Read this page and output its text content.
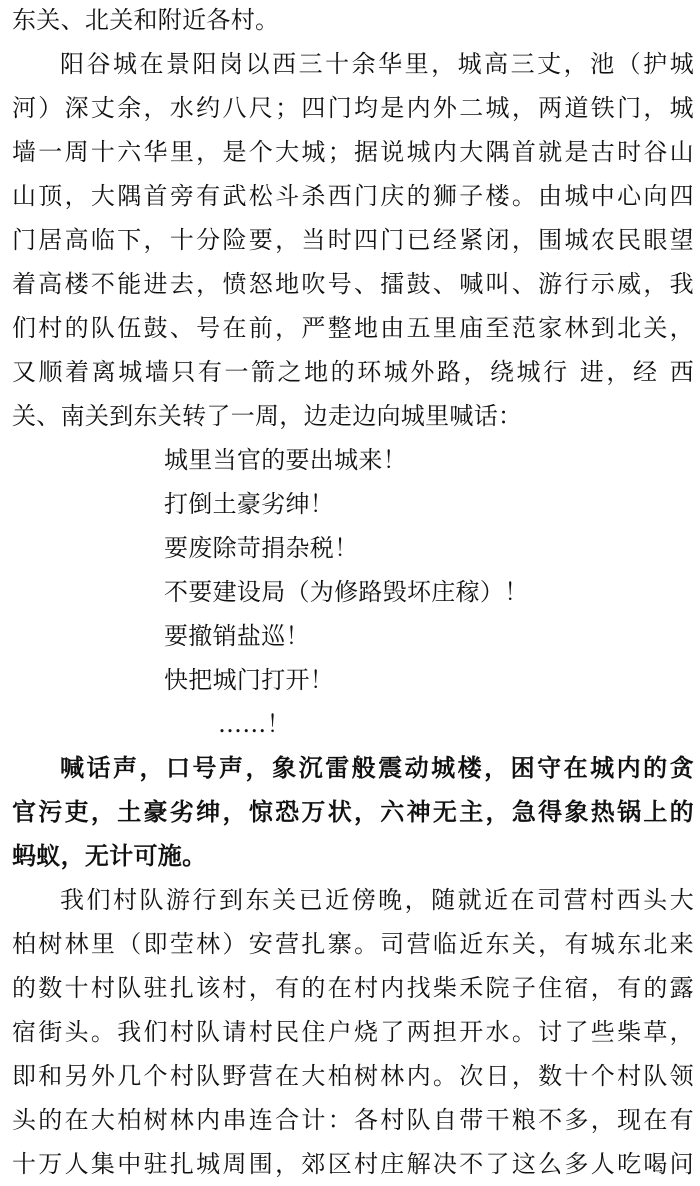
东关、北关和附近各村。
阳谷城在景阳岗以西三十余华里，城高三丈，池（护城
河）深丈余，水约八尺；四门均是内外二城，两道铁门，城
墙一周十六华里，是个大城；据说城内大隅首就是古时谷山
山顶，大隅首旁有武松斗杀西门庆的狮子楼。由城中心向四
门居高临下，十分险要，当时四门已经紧闭，围城农民眼望
着高楼不能进去，愤怒地吹号、擂鼓、喊叫、游行示威，我
们村的队伍鼓、号在前，严整地由五里庙至范家林到北关，
又顺着离城墙只有一箭之地的环城外路，绕城行 进，经 西
关、南关到东关转了一周，边走边向城里喊话：
城里当官的要出城来！
打倒土豪劣绅！
要废除苛捐杂税！
不要建设局（为修路毁坏庄稼）！
要撤销盐巡！
快把城门打开！
……！
喊话声，口号声，象沉雷般震动城楼，困守在城内的贪
官污吏，土豪劣绅，惊恐万状，六神无主，急得象热锅上的
蚂蚁，无计可施。
我们村队游行到东关已近傍晚，随就近在司营村西头大
柏树林里（即茔林）安营扎寨。司营临近东关，有城东北来
的数十村队驻扎该村，有的在村内找柴禾院子住宿，有的露
宿街头。我们村队请村民住户烧了两担开水。讨了些柴草，
即和另外几个村队野营在大柏树林内。次日，数十个村队领
头的在大柏树林内串连合计：各村队自带干粮不多，现在有
十万人集中驻扎城周围，郊区村庄解决不了这么多人吃喝问
